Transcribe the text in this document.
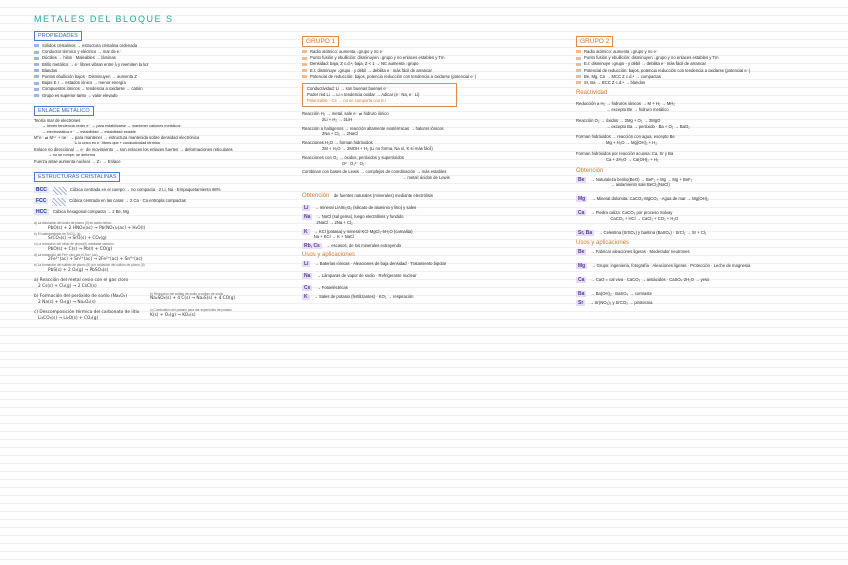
METALES DEL BLOQUE S
PROPIEDADES
Sólidos cristalinos → estructura cristalina ordenada
Conductor térmico y eléctrico → mar de e⁻
Dúctiles → hilos · Maleables → láminas
Brillo metálico → e⁻ libres vibran entre λ y reemiten la luz
Blandos
Puntos ebullición bajos · Disminuyen → aumenta Z
Bajas E.I → estados iónico → menor energía
Compuestos iónicos → tendencia a oxidarse → catión
Grupo es superior tanto → valor elevado
ENLACE METÁLICO
Teoría mar de electrones
→ tienen tendencia ceder e⁻ → para estabilizarse → mantener cationes metálicos
→ electrostática e⁻ → estabilidad → estabilidad estable
M°e⁻ ⇌ Mⁿ⁺ + ne⁻ → para mantener → estructura mantenida sobre densidad electrónica
↳ lo unen en e⁻ libres que + conductividad térmica
Enlace no direccional → e⁻ de movimiento → son enlaces los enlaces fuertes → deformaciones reticulares
→ no se rompe, se deforma
Fuerza atrae aumenta nuclear → Z↓ → Enlace
ESTRUCTURAS CRISTALINAS
BCC	Cúbica centrada en el cuerpo → no compacta · 2 Li, Na · Empaquetamiento 68%
FCC	Cúbica centrada en las caras → 2 Ca · Ca entropía compactas
HCC	Cúbica hexagonal compacta → 2 Be, Mg
a) La disolución del óxido de plomo (II) en ácido nítrico
PbO(s) + 2 HNO₃(ac) → Pb(NO₃)₂(ac) + H₂O(l)
b) El calentamiento de SrCO₃ (s)
SrCO₃(s) → SrO(s) + CO₂(g)
c) La reducción del óxido de plomo(II) mediante carbono
PbO(s) + C(s) → Pb(l) + CO(g)
d) La reducción del Fe³⁺ (ac) por el Sn²⁺ (ac)
2Fe³⁺(ac) + Sn²⁺(ac) → 2Fe²⁺(ac) + Sn⁴⁺(ac)
e) La formación del sulfato de plomo (II) por oxidación del sulfuro de plomo (II)
PbS(s) + 2 O₂(g) → PbSO₄(s)
a) Reacción del metal cesio con el gas cloro
2 Cs(s) + Cl₂(g) → 2 CsCl(s)
b) Formación del peróxido de sodio (Na₂O₂)
2 Na(s) + O₂(g) → Na₂O₂(s)
c) Descomposición térmica del carbonato de litio
Li₂CO₃(s) → Li₂O(s) + CO₂(g)
b) Reducción del sulfato de sodio a sulfuro de sodio
Na₂SO₄(s) + 4 C(s) → Na₂S(s) + 4 CO(g)
c) Combustión del potasio para dar superóxido de potasio
K(s) + O₂(g) → KO₂(s)
GRUPO 1
Radio atómico: aumenta ↓grupo y no e⁻
Punto fusión y ebullición: disminuyen ↓grupo y no enlaces estables y Tm
Densidad: baja, Z c.d.ᵃ, baja, Z < 1 → NC aumenta ↓grupo
E.I: disminuye ↓grupo · y débil → debilita e⁻ más fácil de arrancar
Potencial de reducción: bajos, potencia reducción con tendencia a oxidarse (potencial e⁻)
Conductividad: Li → son buenas buenas e⁻
Poder red Li → Li ≈ tendencia oxidar → Adicar (e⁻ Na, e⁻ Li)
Polarizable · Ce → no se comporta con E.I
Reacción H₂ → metal, sale e⁻ ⇌ hidruro iónico
2Li + H₂ → 2LiH
Reacción a halógenos → reacción altamente exotérmicas → haluros iónicos
2Na + Cl₂ → 2NaCl
Reacciones H₂O → forman hidróxidos
2M + H₂O → 2MOH + H₂ (Li no forma, Na sí, K sí más fácil)
Reacciones con O₂ → óxidos, peróxidos y superóxidos
O²⁻ O₂²⁻ O₂⁻
Combinan con bases de Lewis → complejos de coordinación → más estables
→ metal: ácidos de Lewis
Obtención de fuentes naturales (minerales) mediante electrólisis
Li	→ mineral LiAlSi₂O₆ (silicato de aluminio y litio) y sales
Na	→ NaCl (sal gema), luego electrólisis y fundido
2NaCl → 2Na + Cl₂
K	→ KCl (potasa) y mineral KCl·MgCl₂·6H₂O (carnalita)
Na + KCl → K + NaCl
Rb, Cs	→ escasos, de los minerales extrayendo
Usos y aplicaciones
Li	→ Baterías iónicas · Aleaciones de baja densidad · Tratamiento bipolar
Na	→ Lámparas de vapor de sodio · Refrigerante nuclear
Cs	→ Fotoeléctricas
K	→ Sales de potasio (fertilizantes) · KO₂ → respiración
GRUPO 2
Radio atómico: aumenta ↓grupo y no e⁻
Punto fusión y ebullición: disminuyen ↓grupo y no enlaces estables y Tm
E.I: disminuye ↓grupo · y débil → debilita e⁻ más fácil de arrancar
Potencial de reducción: bajos, potencia reducción con tendencia a oxidarse (potencial e⁻)
Be, Mg, Ca → MCC Z c.d.ᵃ → compactas
Sr, Ba → BCC Z c.d.ᵃ → blandos
Reactividad
Reducción a H₂ → hidruros iónicos → M + H₂ → MH₂
→ excepto Be → hidruro metálico
Reacción O₂ → óxidos → 2Mg + O₂ → 2MgO
→ excepto Ba → peróxido · Ba + O₂ → BaO₂
Forman hidróxidos → reacción con agua, excepto Be
Mg + H₂O → Mg(OH)₂ + H₂
Forman hidróxidos por reacción acuosa: Ca, Sr y Ba
Ca + 2H₂O → Ca(OH)₂ + H₂
Obtención
Be	→ Naturaleza berilio(BeO) → BeF₂ + Mg → Mg + BeF₂
→ aislamiento sale BeCl₂(NaCl)
Mg	→ Mineral dolomita: CaCO₃·MgCO₃ · Agua de mar → Mg(OH)₂
Ca	→ Piedra caliza: CaCO₃ por proceso Solvay
CaCO₃ + HCl → CaCl₂ + CO₂ + H₂O
Sr, Ba	→ Celestina (SrSO₄) y baritina (BaSO₄) · SrCl₂ → Sr + Cl₂
Usos y aplicaciones
Be	→ Fabricar aleaciones ligeras · Moderador neutrones
Mg	→ Grupo: ingeniería, fotografía · Aleaciones ligeras · Protección · Leche de magnesia
Ca	→ CaO = cal viva · CaCO₃ → antiácidos · CaSO₄·2H₂O → yeso
Ba	→ Ba(OH)₂ · BaSO₄ → contraste
Sr	→ Sr(NO₃)₂ y SrCO₃ → pirotecnia
